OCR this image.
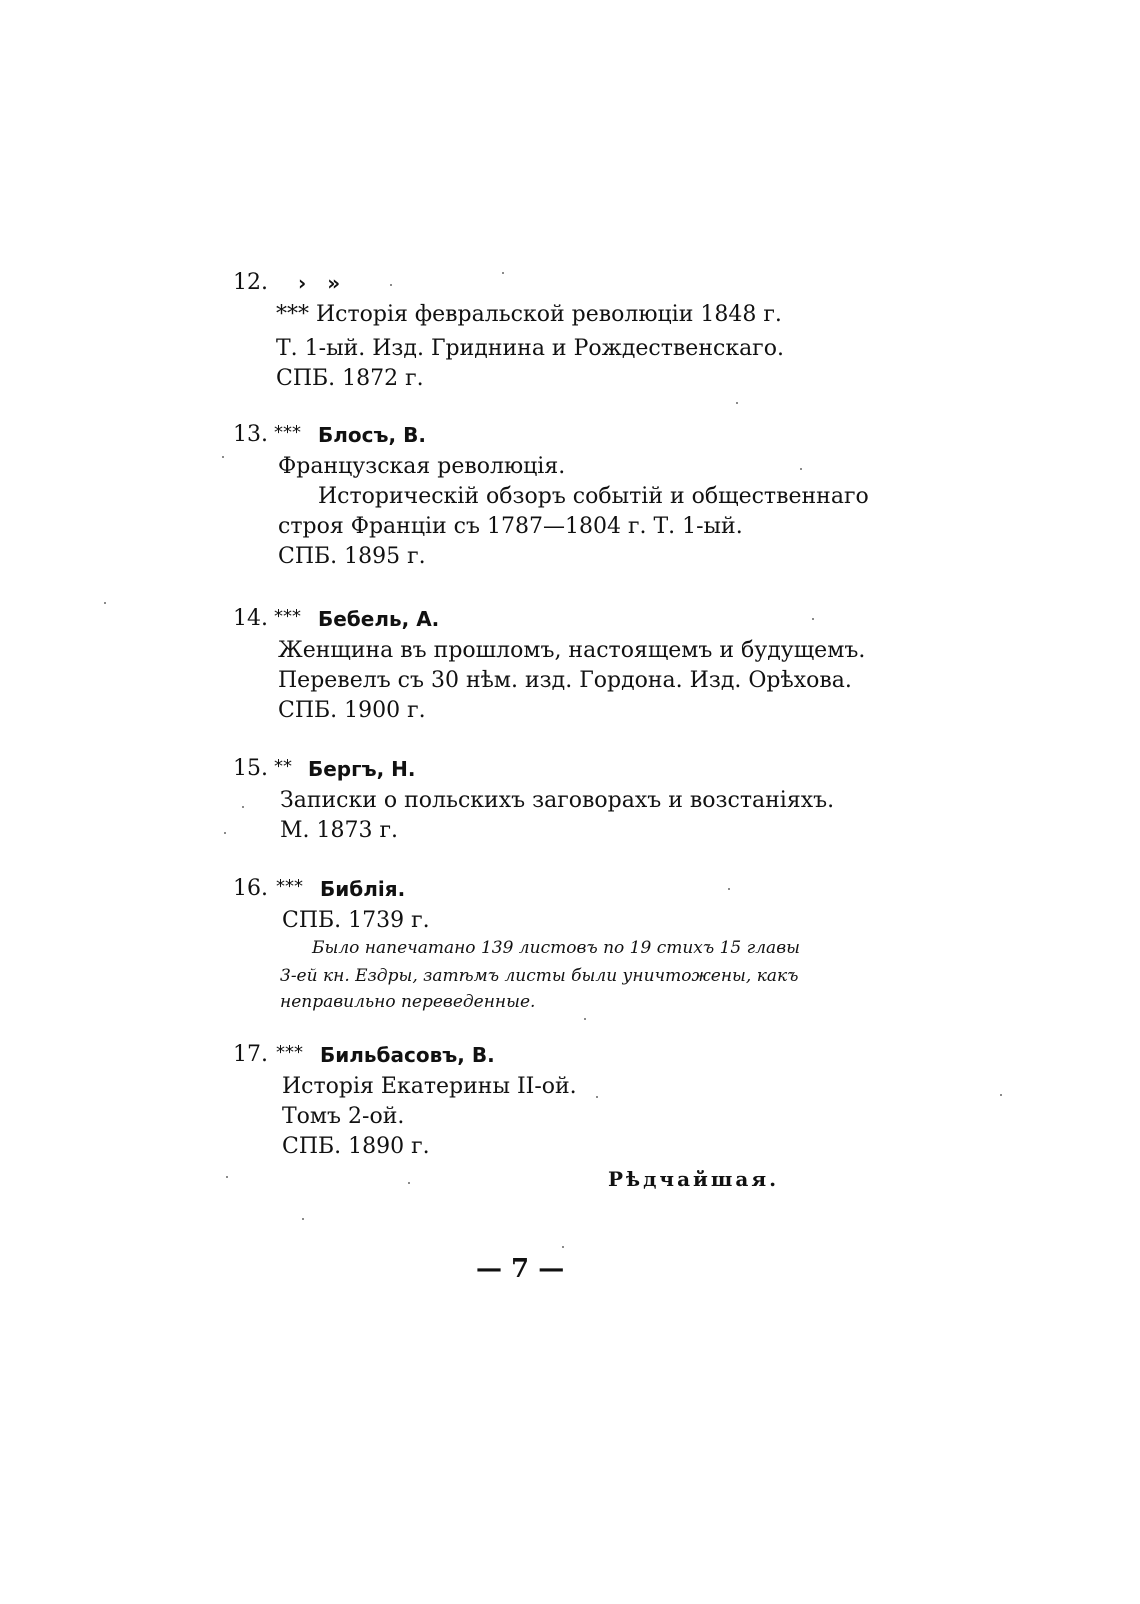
12. › »
*** Исторія февральской революціи 1848 г.
Т. 1-ый. Изд. Гриднина и Рождественскаго.
СПБ. 1872 г.
13. *** Блосъ, В.
Французская революція.
Историческій обзоръ событій и общественнаго
строя Франціи съ 1787—1804 г. Т. 1-ый.
СПБ. 1895 г.
14. *** Бебель, А.
Женщина въ прошломъ, настоящемъ и будущемъ.
Перевелъ съ 30 нѣм. изд. Гордона. Изд. Орѣхова.
СПБ. 1900 г.
15. ** Бергъ, Н.
Записки о польскихъ заговорахъ и возстаніяхъ.
М. 1873 г.
16. *** Библія.
СПБ. 1739 г.
Было напечатано 139 листовъ по 19 стихъ 15 главы
3-ей кн. Ездры, затѣмъ листы были уничтожены, какъ
неправильно переведенные.
17. *** Бильбасовъ, В.
Исторія Екатерины II-ой.
Томъ 2-ой.
СПБ. 1890 г.
Рѣдчайшая.
— 7 —
